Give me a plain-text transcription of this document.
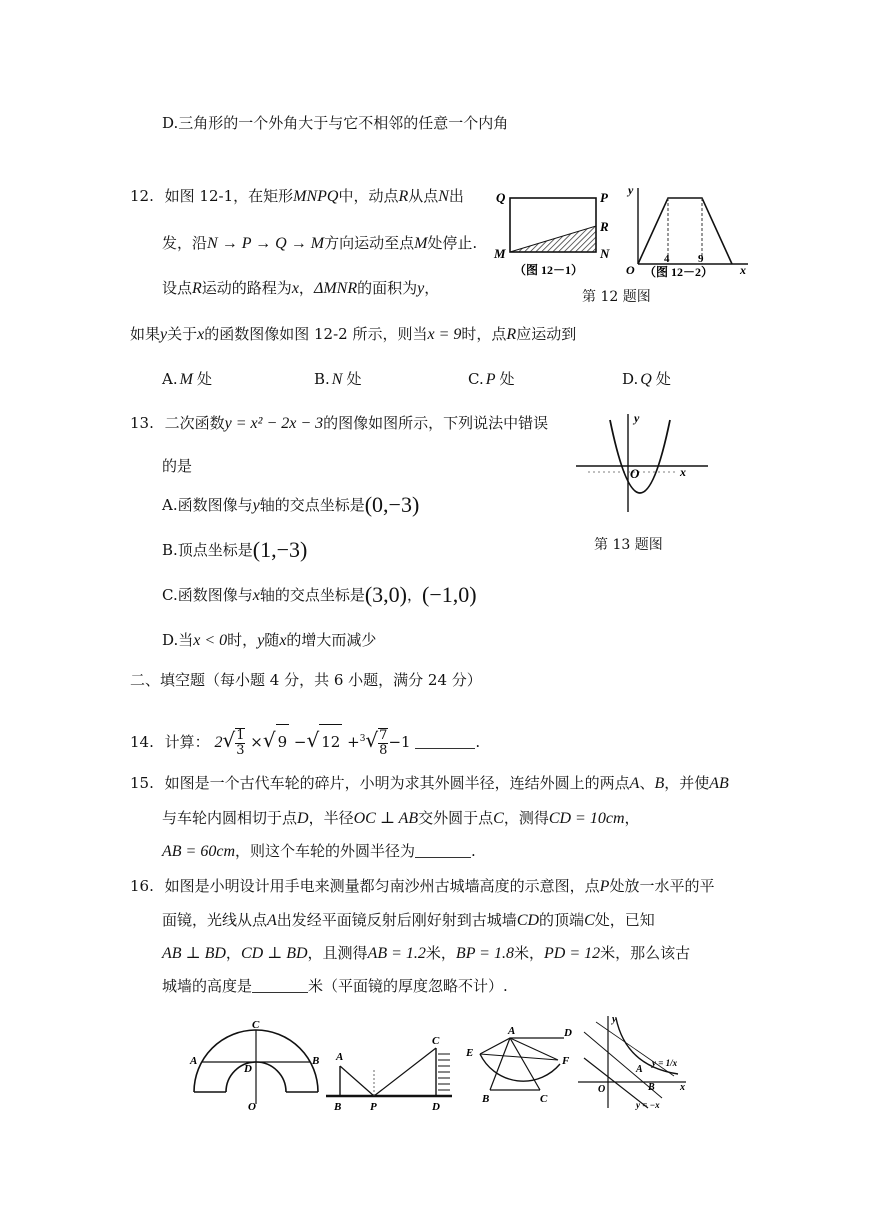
D.三角形的一个外角大于与它不相邻的任意一个内角
12. 如图 12-1，在矩形MNPQ中，动点R从点N出
发，沿N → P → Q → M方向运动至点M处停止.
设点R运动的路程为x，ΔMNR的面积为y，
如果y关于x的函数图像如图 12-2 所示，则当x = 9时，点R应运动到
A. M 处	B. N 处	C. P 处	D. Q 处
Q	P
R
M	N
（图 12－1）
y
O
4	9
x
（图 12－2）
第 12 题图
13. 二次函数y = x² − 2x − 3的图像如图所示，下列说法中错误
的是
A.函数图像与y轴的交点坐标是(0,−3)
B.顶点坐标是(1,−3)
C.函数图像与x轴的交点坐标是(3,0)，(−1,0)
D.当x < 0时，y随x的增大而减少
y
O	x
第 13 题图
二、填空题（每小题 4 分，共 6 小题，满分 24 分）
14. 计算： $2√ \frac{1}{3}$ ×√ 9 −√ $12 +^3√ \frac{7}{8} -1$	.
15. 如图是一个古代车轮的碎片，小明为求其外圆半径，连结外圆上的两点A、B，并使AB
与车轮内圆相切于点D，半径OC ⊥ AB交外圆于点C，测得CD = 10cm，
AB = 60cm，则这个车轮的外圆半径为	.
16. 如图是小明设计用手电来测量都匀南沙州古城墙高度的示意图，点P处放一水平的平
面镜，光线从点A出发经平面镜反射后刚好射到古城墙CD的顶端C处，已知
AB ⊥ BD，CD ⊥ BD，且测得AB = 1.2米，BP = 1.8米，PD = 12米，那么该古
城墙的高度是	米（平面镜的厚度忽略不计）.
C
A	B
D
O
A
C
B	P	D
A	D
E
F
B	C
y
y = 1/x
O
A
B	x
y = −x
